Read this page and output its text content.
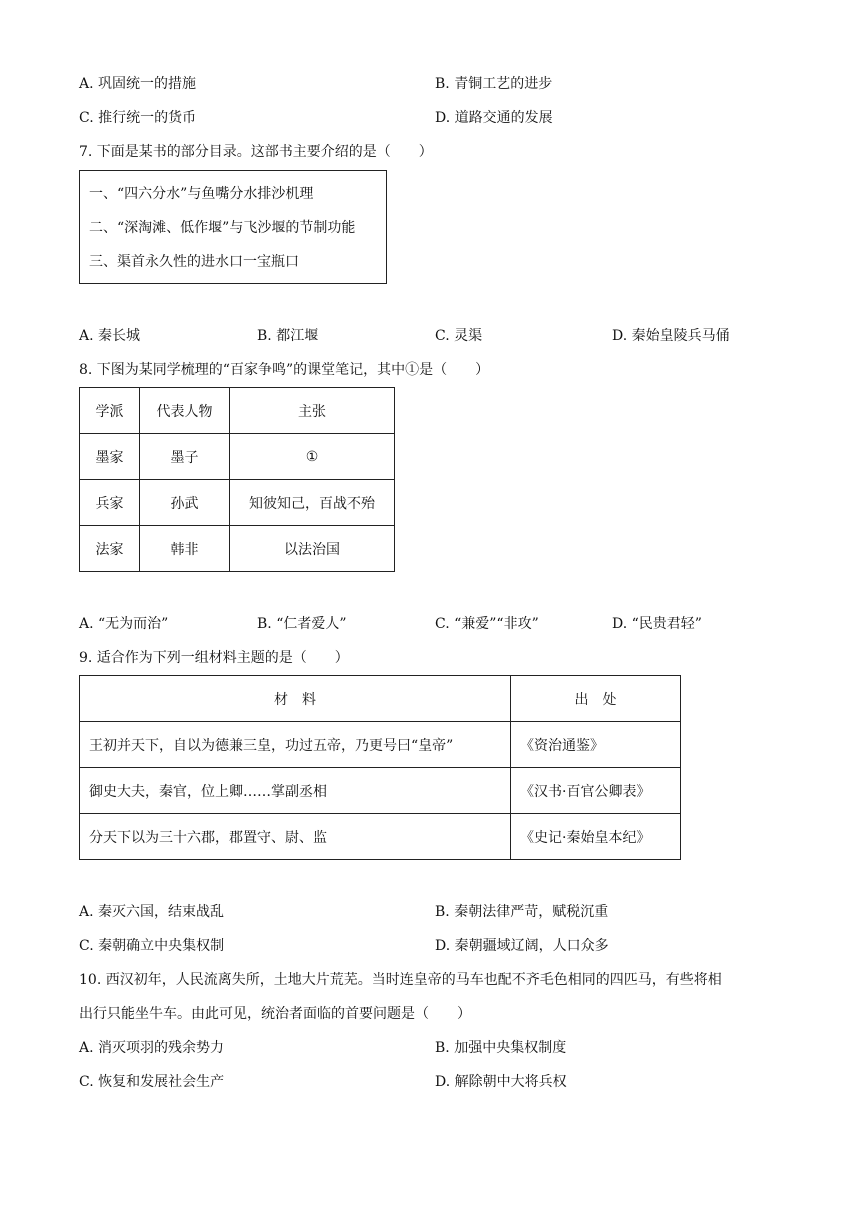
A. 巩固统一的措施	B. 青铜工艺的进步
C. 推行统一的货币	D. 道路交通的发展
7. 下面是某书的部分目录。这部书主要介绍的是（　　）
一、“四六分水”与鱼嘴分水排沙机理
二、“深淘滩、低作堰”与飞沙堰的节制功能
三、渠首永久性的进水口一宝瓶口
A. 秦长城	B. 都江堰	C. 灵渠	D. 秦始皇陵兵马俑
8. 下图为某同学梳理的“百家争鸣”的课堂笔记，其中①是（　　）
学派	代表人物	主张
墨家	墨子	①
兵家	孙武	知彼知己，百战不殆
法家	韩非	以法治国
A. “无为而治”	B. “仁者爱人”	C. “兼爱”“非攻”	D. “民贵君轻”
9. 适合作为下列一组材料主题的是（　　）
材　料	出　处
王初并天下，自以为德兼三皇，功过五帝，乃更号曰“皇帝”	《资治通鉴》
御史大夫，秦官，位上卿……掌副丞相	《汉书·百官公卿表》
分天下以为三十六郡，郡置守、尉、监	《史记·秦始皇本纪》
A. 秦灭六国，结束战乱	B. 秦朝法律严苛，赋税沉重
C. 秦朝确立中央集权制	D. 秦朝疆域辽阔，人口众多
10. 西汉初年，人民流离失所，土地大片荒芜。当时连皇帝的马车也配不齐毛色相同的四匹马，有些将相
出行只能坐牛车。由此可见，统治者面临的首要问题是（　　）
A. 消灭项羽的残余势力	B. 加强中央集权制度
C. 恢复和发展社会生产	D. 解除朝中大将兵权
